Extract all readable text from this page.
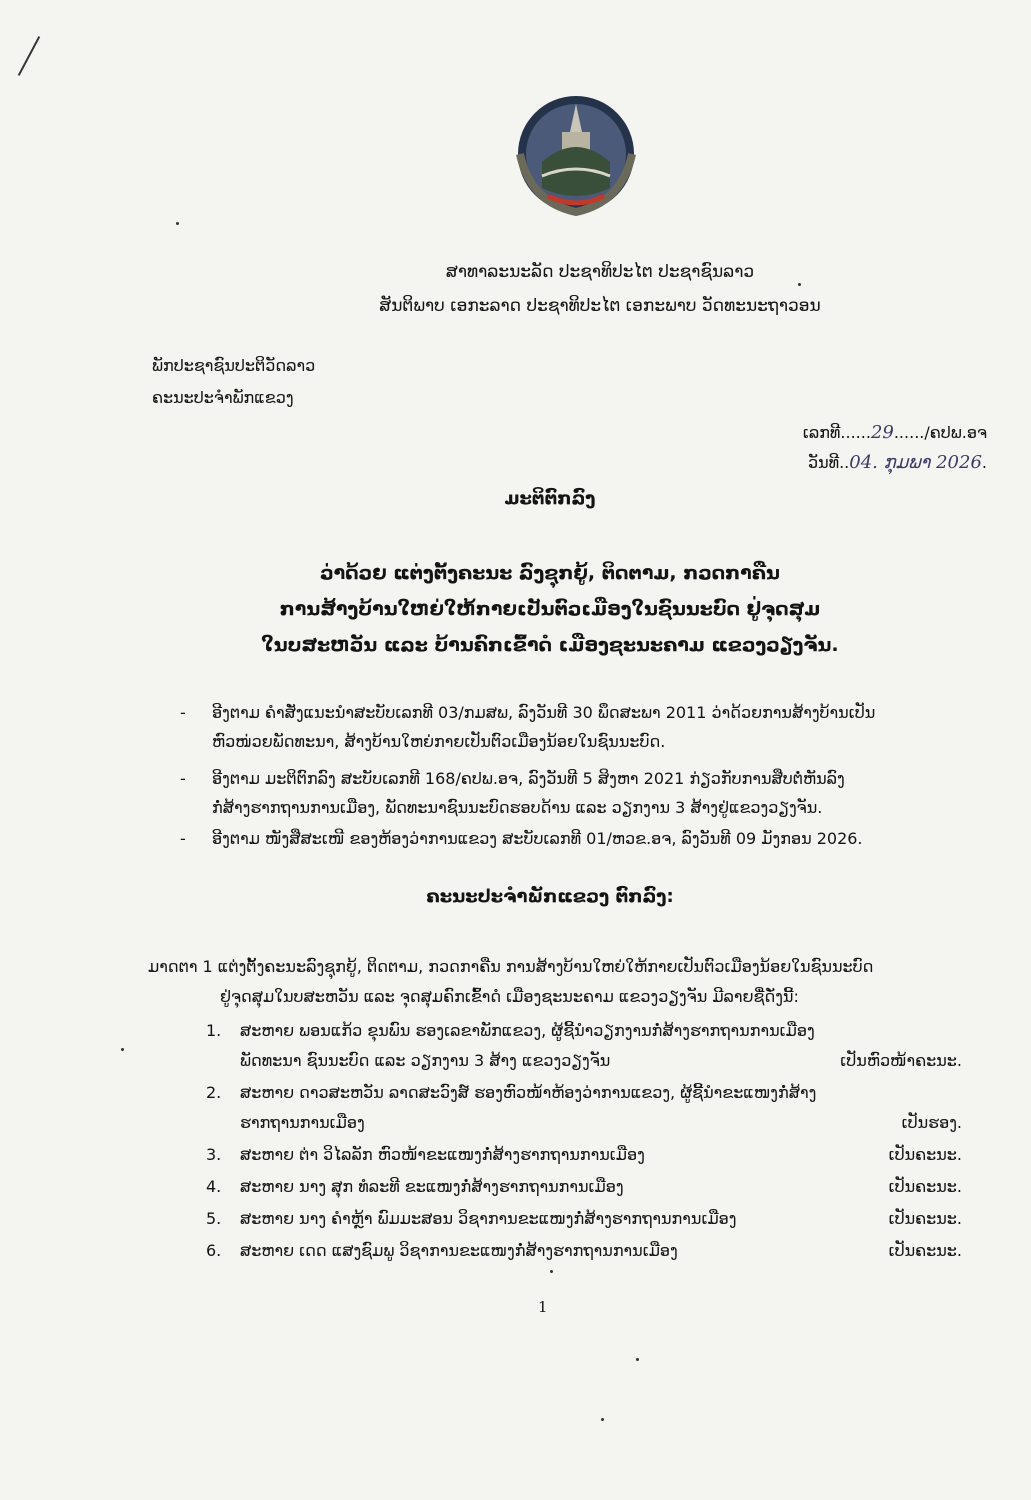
ສາທາລະນະລັດ ປະຊາທິປະໄຕ ປະຊາຊົນລາວ
ສັນຕິພາບ ເອກະລາດ ປະຊາທິປະໄຕ ເອກະພາບ ວັດທະນະຖາວອນ
ພັກປະຊາຊົນປະຕິວັດລາວ
ຄະນະປະຈຳພັກແຂວງ
ເລກທີ......29....../ຄປພ.ອຈ
ວັນທີ..04. ກຸມພາ 2026.
ມະຕິຕົກລົງ
ວ່າດ້ວຍ ແຕ່ງຕັ້ງຄະນະ ລົງຊຸກຍູ້, ຕິດຕາມ, ກວດກາຄືນ
ການສ້າງບ້ານໃຫຍ່ໃຫ້ກາຍເປັນຕົວເມືອງໃນຊົນນະບົດ ຢູ່ຈຸດສຸມ
ໃນບສະຫວັນ ແລະ ບ້ານຄົກເຂົ້າດໍ ເມືອງຊະນະຄາມ ແຂວງວຽງຈັນ.
-	ອີງຕາມ ຄຳສັ່ງແນະນຳສະບັບເລກທີ 03/ກມສພ, ລົງວັນທີ 30 ພຶດສະພາ 2011 ວ່າດ້ວຍການສ້າງບ້ານເປັນ
ຫົວໜ່ວຍພັດທະນາ, ສ້າງບ້ານໃຫຍ່ກາຍເປັນຕົວເມືອງນ້ອຍໃນຊົນນະບົດ.
-	ອີງຕາມ ມະຕິຕົກລົງ ສະບັບເລກທີ 168/ຄປພ.ອຈ, ລົງວັນທີ 5 ສິງຫາ 2021 ກ່ຽວກັບການສືບຕໍ່ຫັນລົງ
ກໍ່ສ້າງຮາກຖານການເມືອງ, ພັດທະນາຊົນນະບົດຮອບດ້ານ ແລະ ວຽກງານ 3 ສ້າງຢູ່ແຂວງວຽງຈັນ.
-	ອີງຕາມ ໜັງສືສະເໜີ ຂອງຫ້ອງວ່າການແຂວງ ສະບັບເລກທີ 01/ຫວຂ.ອຈ, ລົງວັນທີ 09 ມັງກອນ 2026.
ຄະນະປະຈຳພັກແຂວງ ຕົກລົງ:
ມາດຕາ 1 ແຕ່ງຕັ້ງຄະນະລົງຊຸກຍູ້, ຕິດຕາມ, ກວດກາຄືນ ການສ້າງບ້ານໃຫຍ່ໃຫ້ກາຍເປັນຕົວເມືອງນ້ອຍໃນຊົນນະບົດ
ຢູ່ຈຸດສຸມໃນບສະຫວັນ ແລະ ຈຸດສຸມຄົກເຂົ້າດໍ ເມືອງຊະນະຄາມ ແຂວງວຽງຈັນ ມີລາຍຊື່ດັ່ງນີ້:
1.	ສະຫາຍ ພອນແກ້ວ ຂຸນພົນ ຮອງເລຂາພັກແຂວງ, ຜູ້ຊີ້ນຳວຽກງານກໍ່ສ້າງຮາກຖານການເມືອງ ພັດທະນາ ຊົນນະບົດ ແລະ ວຽກງານ 3 ສ້າງ ແຂວງວຽງຈັນ	ເປັນຫົວໜ້າຄະນະ.
2.	ສະຫາຍ ດາວສະຫວັນ ລາດສະວົງສ໌ ຮອງຫົວໜ້າຫ້ອງວ່າການແຂວງ, ຜູ້ຊີ້ນຳຂະແໜງກໍ່ສ້າງຮາກຖານການເມືອງ	ເປັນຮອງ.
3.	ສະຫາຍ ຕ່າ ວິໄລລັກ ຫົວໜ້າຂະແໜງກໍ່ສ້າງຮາກຖານການເມືອງ	ເປັນຄະນະ.
4.	ສະຫາຍ ນາງ ສຸກ ທໍລະທີ ຂະແໜງກໍ່ສ້າງຮາກຖານການເມືອງ	ເປັນຄະນະ.
5.	ສະຫາຍ ນາງ ຄຳຫຼ້າ ພົມມະສອນ ວິຊາການຂະແໜງກໍ່ສ້າງຮາກຖານການເມືອງ	ເປັນຄະນະ.
6.	ສະຫາຍ ເດດ ແສງຊົມພູ ວິຊາການຂະແໜງກໍ່ສ້າງຮາກຖານການເມືອງ	ເປັນຄະນະ.
1
